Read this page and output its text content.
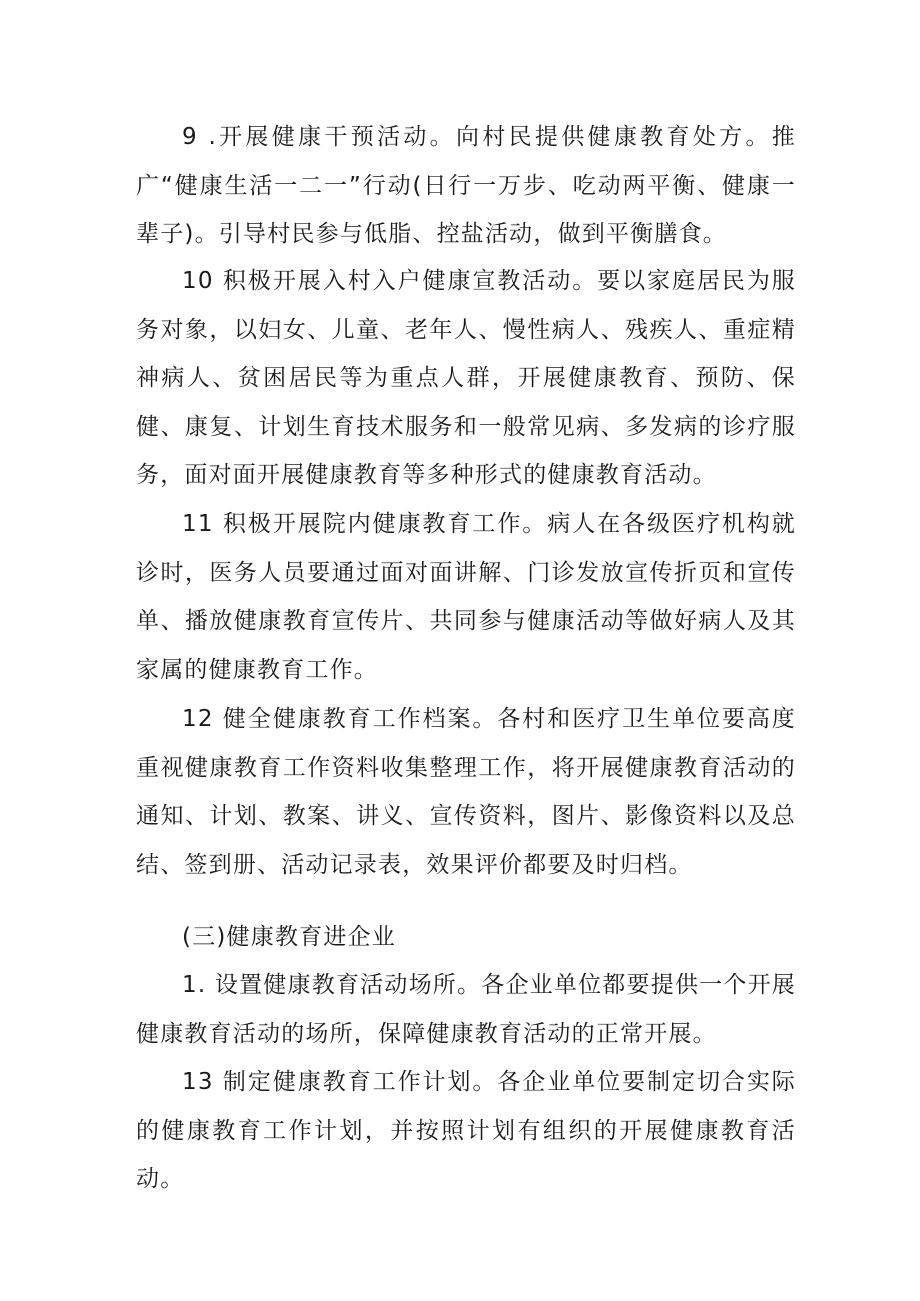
9 .开展健康干预活动。向村民提供健康教育处方。推广“健康生活一二一”行动(日行一万步、吃动两平衡、健康一辈子)。引导村民参与低脂、控盐活动，做到平衡膳食。

10 积极开展入村入户健康宣教活动。要以家庭居民为服务对象，以妇女、儿童、老年人、慢性病人、残疾人、重症精神病人、贫困居民等为重点人群，开展健康教育、预防、保健、康复、计划生育技术服务和一般常见病、多发病的诊疗服务，面对面开展健康教育等多种形式的健康教育活动。

11 积极开展院内健康教育工作。病人在各级医疗机构就诊时，医务人员要通过面对面讲解、门诊发放宣传折页和宣传单、播放健康教育宣传片、共同参与健康活动等做好病人及其家属的健康教育工作。

12 健全健康教育工作档案。各村和医疗卫生单位要高度重视健康教育工作资料收集整理工作，将开展健康教育活动的通知、计划、教案、讲义、宣传资料，图片、影像资料以及总结、签到册、活动记录表，效果评价都要及时归档。

(三)健康教育进企业

1. 设置健康教育活动场所。各企业单位都要提供一个开展健康教育活动的场所，保障健康教育活动的正常开展。

13 制定健康教育工作计划。各企业单位要制定切合实际的健康教育工作计划，并按照计划有组织的开展健康教育活动。
